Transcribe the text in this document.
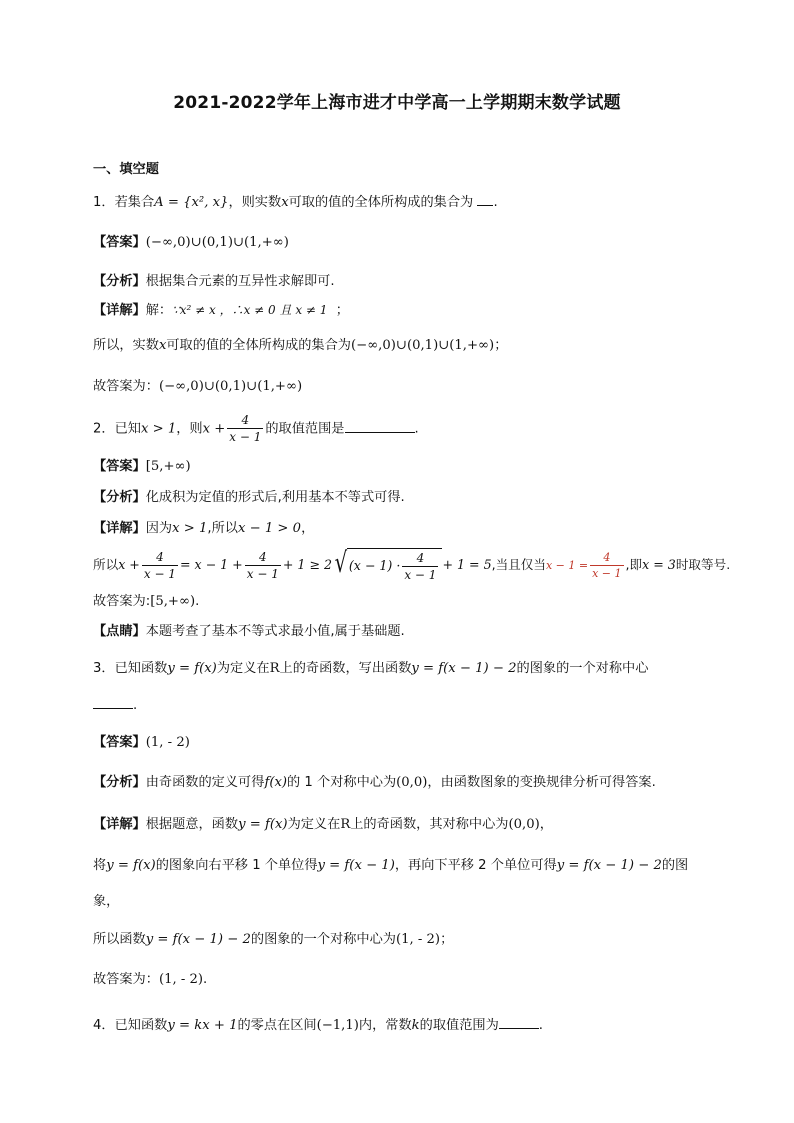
2021-2022学年上海市进才中学高一上学期期末数学试题
一、填空题
1．若集合A = {x², x}，则实数x可取的值的全体所构成的集合为 .
【答案】(−∞,0)∪(0,1)∪(1,+∞)
【分析】根据集合元素的互异性求解即可.
【详解】解：∵x² ≠ x ，∴x ≠ 0 且 x ≠ 1 ；
所以，实数x可取的值的全体所构成的集合为(−∞,0)∪(0,1)∪(1,+∞)；
故答案为：(−∞,0)∪(0,1)∪(1,+∞)
2．已知x > 1，则$x + \frac{4}{x - 1}$ 的取值范围是	.
【答案】[5,+∞)
【分析】化成积为定值的形式后,利用基本不等式可得.
【详解】因为x > 1,所以x − 1 > 0，
所以$x + \frac{4}{x - 1} = x - 1 + \frac{4}{x - 1} + 1 \ge 2$ √ $(x - 1) \cdot \frac{4}{x - 1} + 1 = 5$,当且仅当$x - 1 = \frac{4}{x - 1}$ ,即x = 3时取等号.
故答案为:[5,+∞).
【点睛】本题考查了基本不等式求最小值,属于基础题.
3．已知函数y = f(x)为定义在R上的奇函数，写出函数y = f(x − 1) − 2的图象的一个对称中心
.
【答案】(1, - 2)
【分析】由奇函数的定义可得f(x)的 1 个对称中心为(0,0)，由函数图象的变换规律分析可得答案.
【详解】根据题意，函数y = f(x)为定义在R上的奇函数，其对称中心为(0,0)，
将y = f(x)的图象向右平移 1 个单位得y = f(x − 1)，再向下平移 2 个单位可得y = f(x − 1) − 2的图
象，
所以函数y = f(x − 1) − 2的图象的一个对称中心为(1, - 2)；
故答案为：(1, - 2).
4．已知函数y = kx + 1的零点在区间(−1,1)内，常数k的取值范围为	.
